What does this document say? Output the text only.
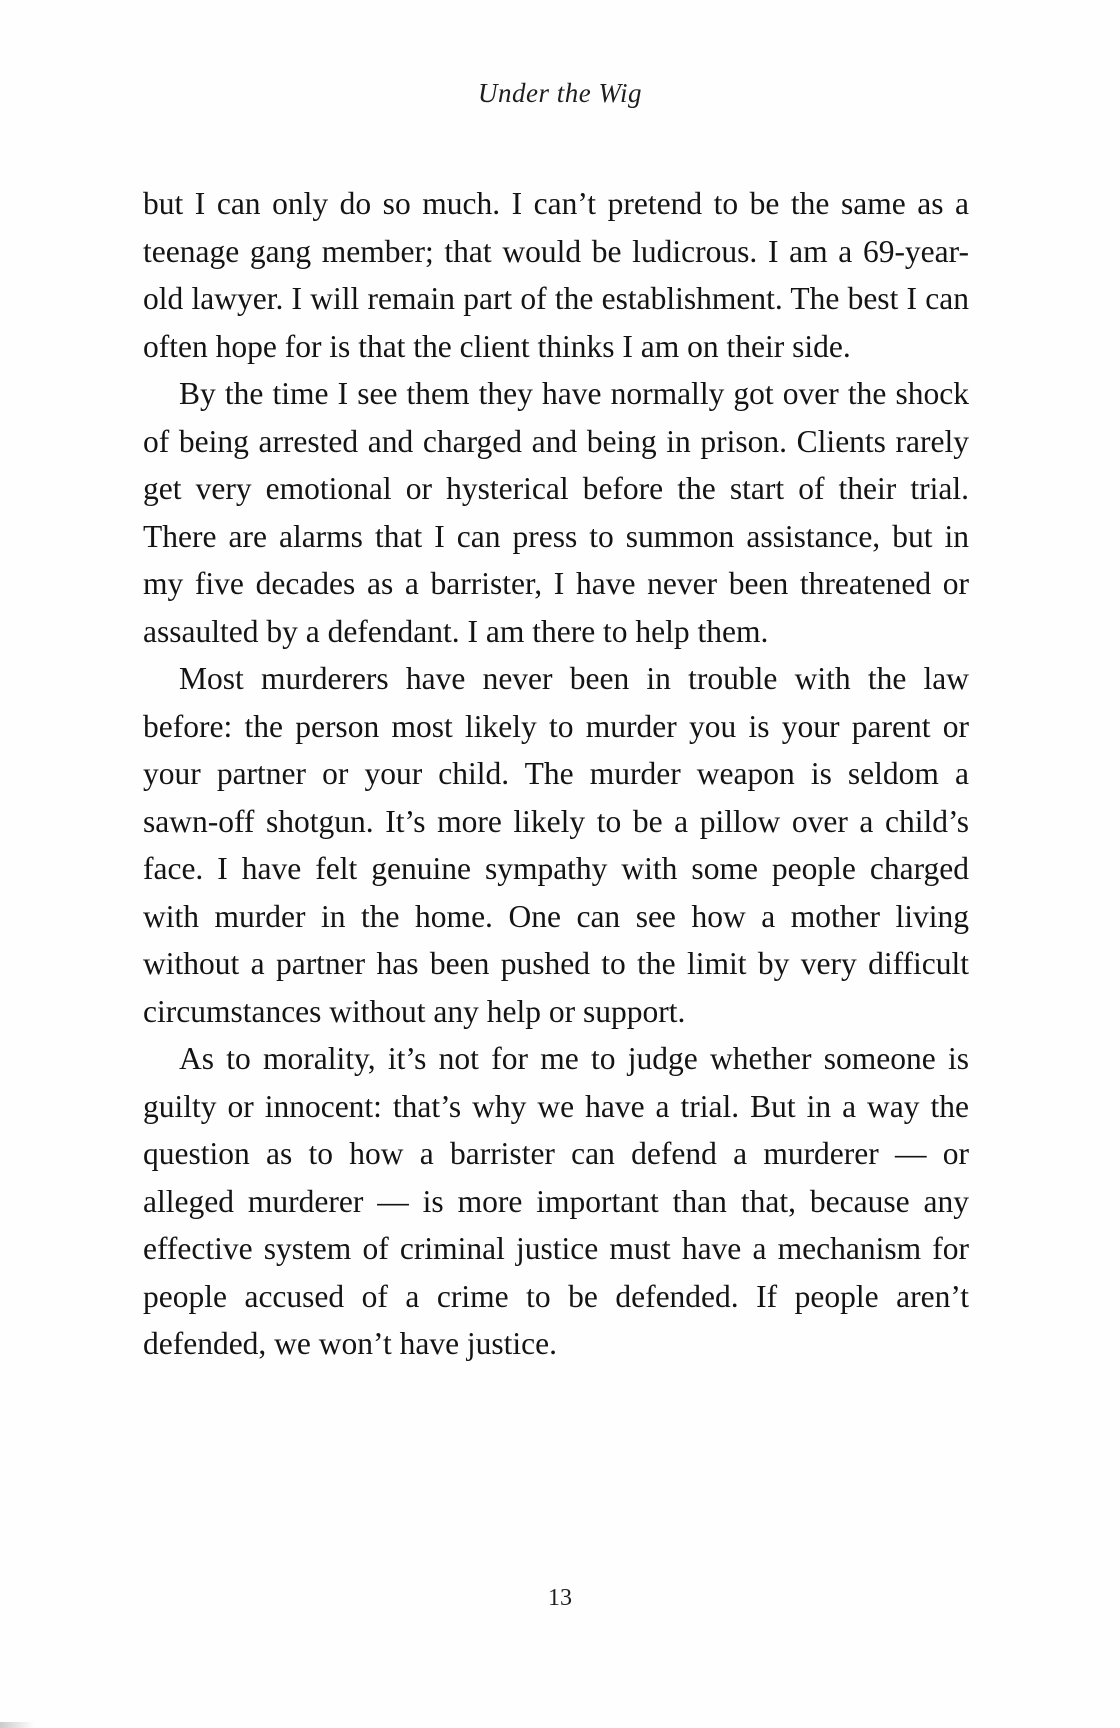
Under the Wig

but I can only do so much. I can’t pretend to be the same as a teenage gang member; that would be ludicrous. I am a 69-year-old lawyer. I will remain part of the establishment. The best I can often hope for is that the client thinks I am on their side.

By the time I see them they have normally got over the shock of being arrested and charged and being in prison. Clients rarely get very emotional or hysterical before the start of their trial. There are alarms that I can press to summon assistance, but in my five decades as a barrister, I have never been threatened or assaulted by a defendant. I am there to help them.

Most murderers have never been in trouble with the law before: the person most likely to murder you is your parent or your partner or your child. The murder weapon is seldom a sawn-off shotgun. It’s more likely to be a pillow over a child’s face. I have felt genuine sympathy with some people charged with murder in the home. One can see how a mother living without a partner has been pushed to the limit by very difficult circumstances without any help or support.

As to morality, it’s not for me to judge whether someone is guilty or innocent: that’s why we have a trial. But in a way the question as to how a barrister can defend a murderer — or alleged murderer — is more important than that, because any effective system of criminal justice must have a mechanism for people accused of a crime to be defended. If people aren’t defended, we won’t have justice.

13
